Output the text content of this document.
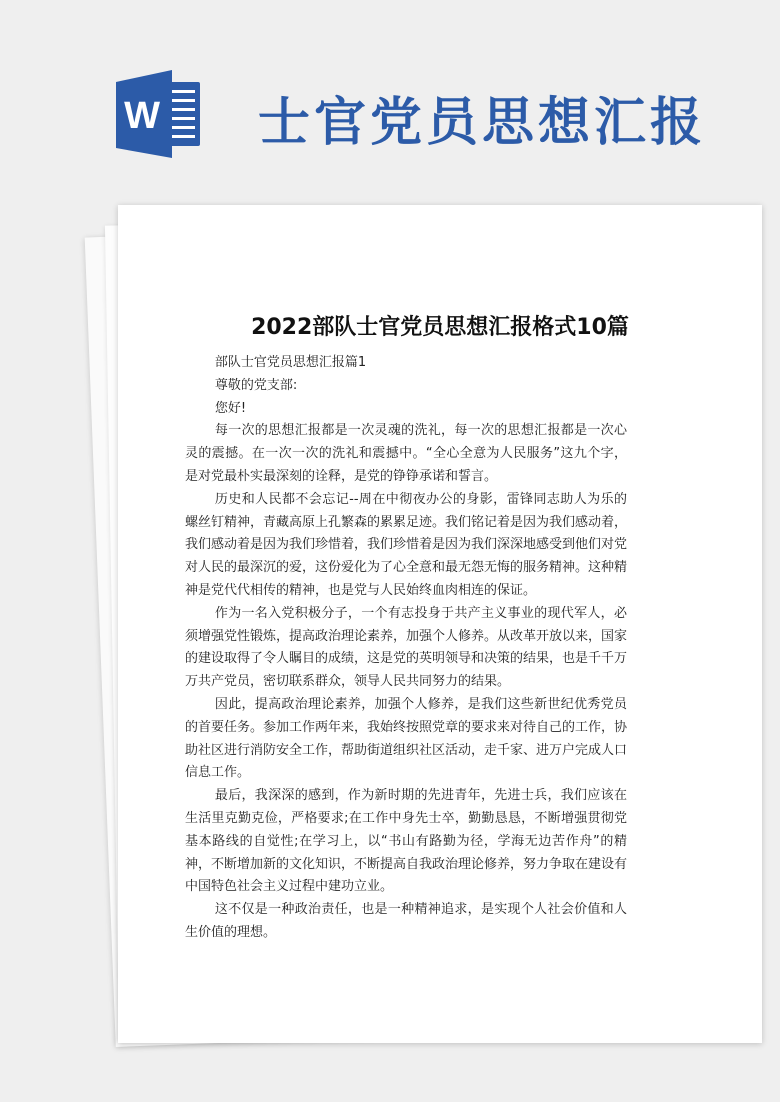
W 士官党员思想汇报
2022部队士官党员思想汇报格式10篇

部队士官党员思想汇报篇1

尊敬的党支部:

您好!

每一次的思想汇报都是一次灵魂的洗礼，每一次的思想汇报都是一次心灵的震撼。在一次一次的洗礼和震撼中。“全心全意为人民服务”这九个字，是对党最朴实最深刻的诠释，是党的铮铮承诺和誓言。

历史和人民都不会忘记--周在中彻夜办公的身影，雷锋同志助人为乐的螺丝钉精神，青藏高原上孔繁森的累累足迹。我们铭记着是因为我们感动着，我们感动着是因为我们珍惜着，我们珍惜着是因为我们深深地感受到他们对党对人民的最深沉的爱，这份爱化为了心全意和最无怨无悔的服务精神。这种精神是党代代相传的精神，也是党与人民始终血肉相连的保证。

作为一名入党积极分子，一个有志投身于共产主义事业的现代军人，必须增强党性锻炼，提高政治理论素养，加强个人修养。从改革开放以来，国家的建设取得了令人瞩目的成绩，这是党的英明领导和决策的结果，也是千千万万共产党员，密切联系群众，领导人民共同努力的结果。

因此，提高政治理论素养，加强个人修养，是我们这些新世纪优秀党员的首要任务。参加工作两年来，我始终按照党章的要求来对待自己的工作，协助社区进行消防安全工作，帮助街道组织社区活动，走千家、进万户完成人口信息工作。

最后，我深深的感到，作为新时期的先进青年，先进士兵，我们应该在生活里克勤克俭，严格要求;在工作中身先士卒，勤勤恳恳，不断增强贯彻党基本路线的自觉性;在学习上，以“书山有路勤为径，学海无边苦作舟”的精神，不断增加新的文化知识，不断提高自我政治理论修养，努力争取在建设有中国特色社会主义过程中建功立业。

这不仅是一种政治责任，也是一种精神追求，是实现个人社会价值和人生价值的理想。
